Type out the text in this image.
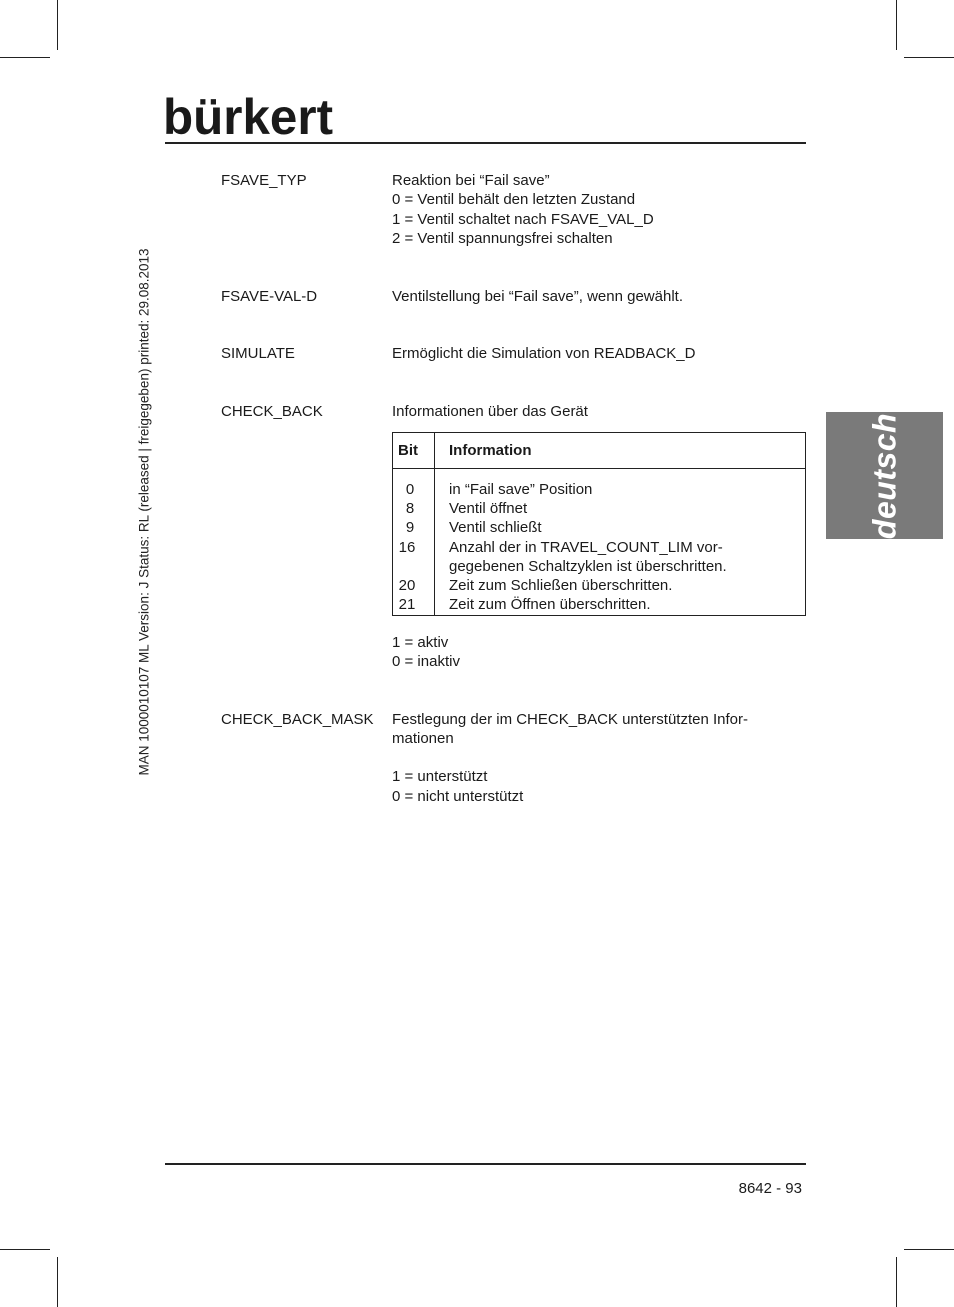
bürkert
MAN 1000010107 ML Version: J Status: RL (released | freigegeben) printed: 29.08.2013	deutsch
FSAVE_TYP	Reaktion bei “Fail save”
0 = Ventil behält den letzten Zustand
1 = Ventil schaltet nach FSAVE_VAL_D
2 = Ventil spannungsfrei schalten
FSAVE-VAL-D	Ventilstellung bei “Fail save”, wenn gewählt.
SIMULATE	Ermöglicht die Simulation von READBACK_D
CHECK_BACK	Informationen über das Gerät
Bit Information
0	in “Fail save” Position
8	Ventil öffnet
9	Ventil schließt
16	Anzahl der in TRAVEL_COUNT_LIM vor-
gegebenen Schaltzyklen ist überschritten.
20	Zeit zum Schließen überschritten.
21	Zeit zum Öffnen überschritten.
1 = aktiv
0 = inaktiv
CHECK_BACK_MASK Festlegung der im CHECK_BACK unterstützten Infor-
mationen
1 = unterstützt
0 = nicht unterstützt
8642 - 93
